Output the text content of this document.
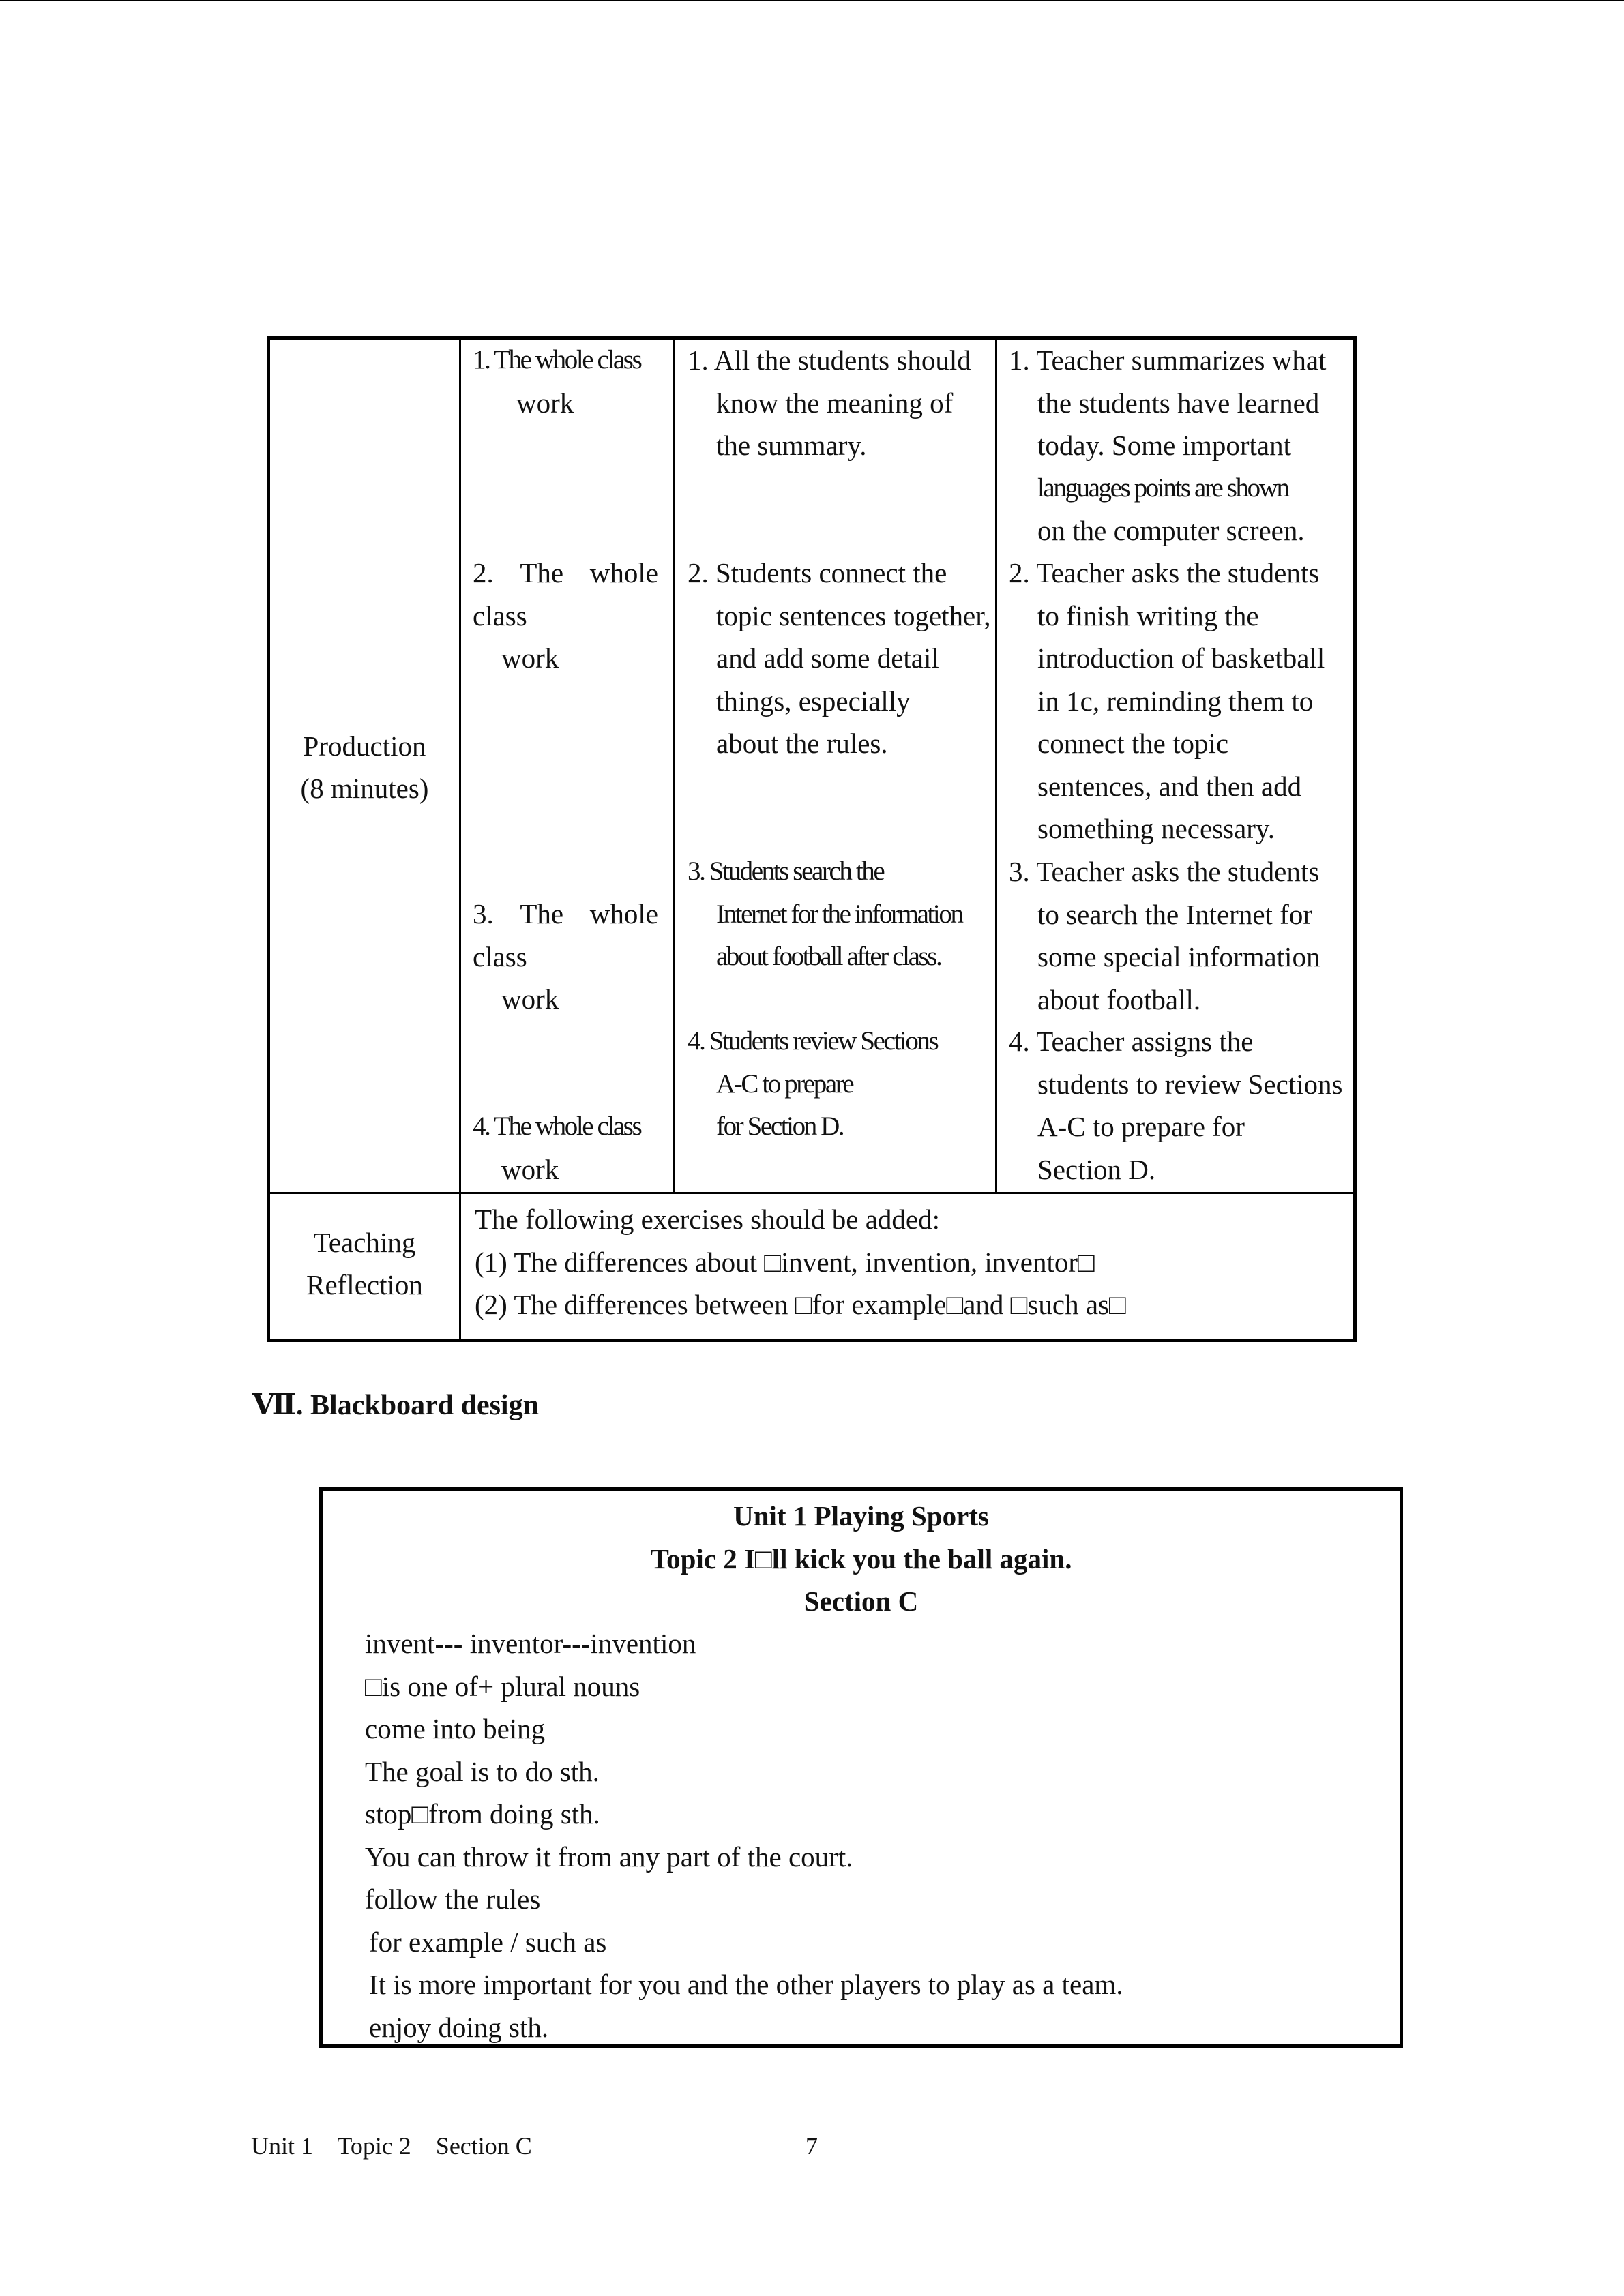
Production
(8 minutes)
1. The whole class
work
2. The whole
class
work
3. The whole
class
work
4. The whole class
work
1. All the students should
know the meaning of
the summary.
2. Students connect the
topic sentences together,
and add some detail
things, especially
about the rules.
3. Students search the
Internet for the information
about football after class.
4. Students review Sections
A-C to prepare
for Section D.
1. Teacher summarizes what
the students have learned
today. Some important
languages points are shown
on the computer screen.
2. Teacher asks the students
to finish writing the
introduction of basketball
in 1c, reminding them to
connect the topic
sentences, and then add
something necessary.
3. Teacher asks the students
to search the Internet for
some special information
about football.
4. Teacher assigns the
students to review Sections
A-C to prepare for
Section D.
Teaching
Reflection
The following exercises should be added:
(1) The differences about □invent, invention, inventor□
(2) The differences between □for example□and □such as□
Ⅶ. Blackboard design
Unit 1 Playing Sports
Topic 2 I□ll kick you the ball again.
Section C
invent--- inventor---invention
□is one of+ plural nouns
come into being
The goal is to do sth.
stop□from doing sth.
You can throw it from any part of the court.
follow the rules
for example / such as
It is more important for you and the other players to play as a team.
enjoy doing sth.
Unit 1    Topic 2    Section C	7
